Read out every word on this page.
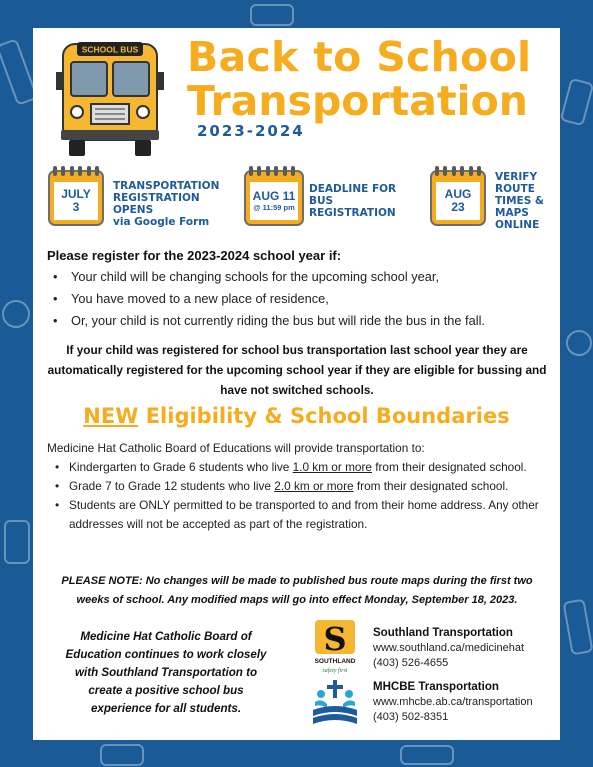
SCHOOL BUS Back to School
Transportation
2023-2024
JULY
3
TRANSPORTATION
REGISTRATION
OPENS
via Google Form
AUG 11
@ 11:59 pm
DEADLINE FOR
BUS
REGISTRATION
AUG
23
VERIFY
ROUTE
TIMES &
MAPS
ONLINE
Please register for the 2023-2024 school year if:
• Your child will be changing schools for the upcoming school year,
• You have moved to a new place of residence,
• Or, your child is not currently riding the bus but will ride the bus in the fall.
If your child was registered for school bus transportation last school year they are automatically registered for the upcoming school year if they are eligible for bussing and have not switched schools.
NEW Eligibility & School Boundaries
Medicine Hat Catholic Board of Educations will provide transportation to:
• Kindergarten to Grade 6 students who live 1.0 km or more from their designated school.
• Grade 7 to Grade 12 students who live 2.0 km or more from their designated school.
• Students are ONLY permitted to be transported to and from their home address. Any other addresses will not be accepted as part of the registration.
PLEASE NOTE: No changes will be made to published bus route maps during the first two weeks of school. Any modified maps will go into effect Monday, September 18, 2023.
Medicine Hat Catholic Board of Education continues to work closely with Southland Transportation to create a positive school bus experience for all students.
S
SOUTHLAND
safety first
Southland Transportation
www.southland.ca/medicinehat
(403) 526-4655
MHCBE Transportation
www.mhcbe.ab.ca/transportation
(403) 502-8351
